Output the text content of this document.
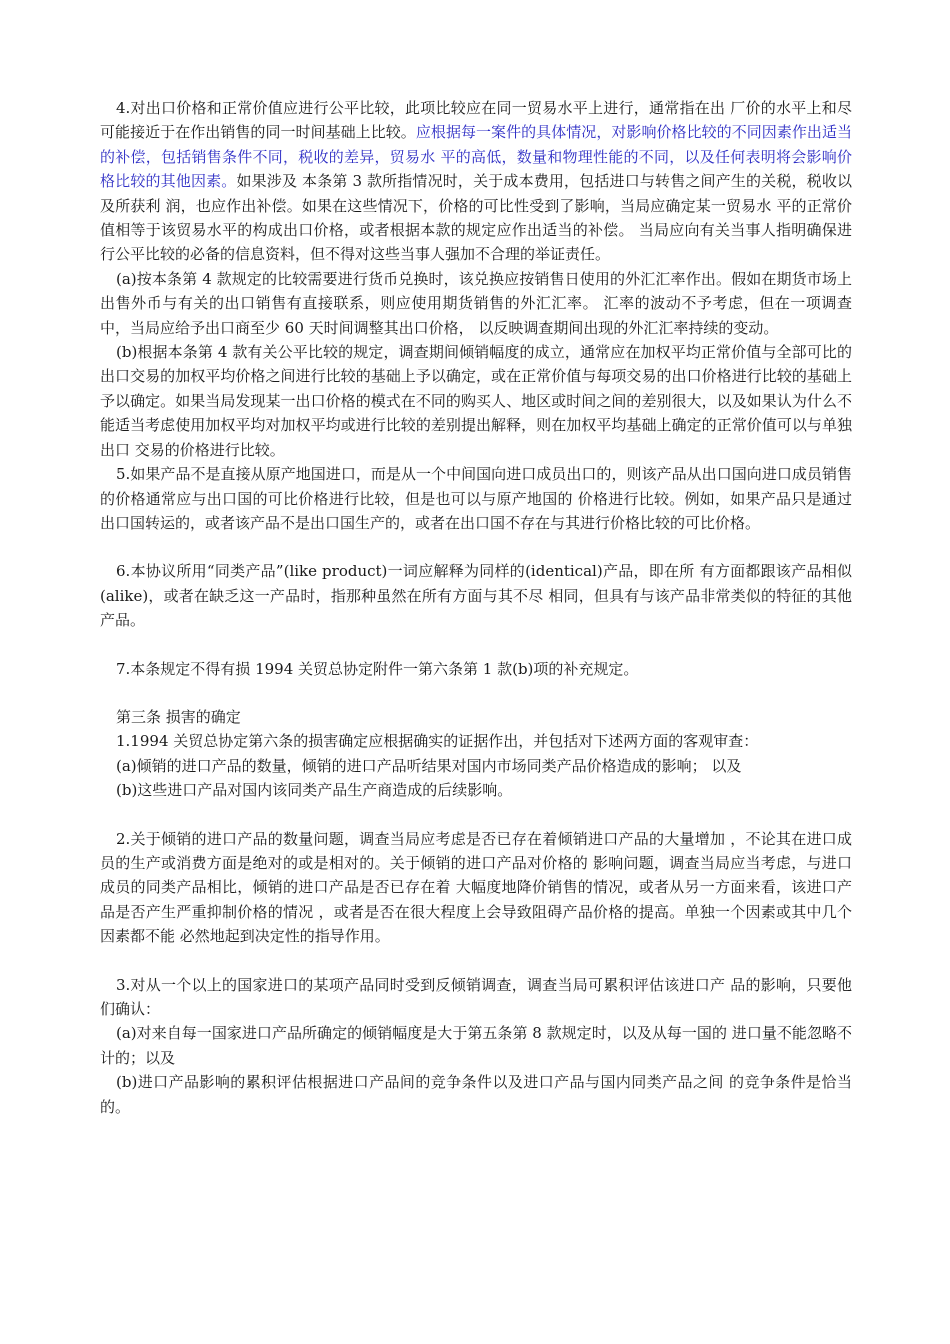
4.对出口价格和正常价值应进行公平比较，此项比较应在同一贸易水平上进行，通常指在出 厂价的水平上和尽可能接近于在作出销售的同一时间基础上比较。应根据每一案件的具体情况，对影响价格比较的不同因素作出适当的补偿，包括销售条件不同，税收的差异，贸易水 平的高低，数量和物理性能的不同，以及任何表明将会影响价格比较的其他因素。如果涉及 本条第 3 款所指情况时，关于成本费用，包括进口与转售之间产生的关税，税收以及所获利 润，也应作出补偿。如果在这些情况下，价格的可比性受到了影响，当局应确定某一贸易水 平的正常价值相等于该贸易水平的构成出口价格，或者根据本款的规定应作出适当的补偿。 当局应向有关当事人指明确保进行公平比较的必备的信息资料，但不得对这些当事人强加不合理的举证责任。

(a)按本条第 4 款规定的比较需要进行货币兑换时，该兑换应按销售日使用的外汇汇率作出。假如在期货市场上出售外币与有关的出口销售有直接联系，则应使用期货销售的外汇汇率。 汇率的波动不予考虑，但在一项调查中，当局应给予出口商至少 60 天时间调整其出口价格， 以反映调查期间出现的外汇汇率持续的变动。

(b)根据本条第 4 款有关公平比较的规定，调查期间倾销幅度的成立，通常应在加权平均正常价值与全部可比的出口交易的加权平均价格之间进行比较的基础上予以确定，或在正常价值与每项交易的出口价格进行比较的基础上予以确定。如果当局发现某一出口价格的模式在不同的购买人、地区或时间之间的差别很大，以及如果认为什么不能适当考虑使用加权平均对加权平均或进行比较的差别提出解释，则在加权平均基础上确定的正常价值可以与单独出口 交易的价格进行比较。

5.如果产品不是直接从原产地国进口，而是从一个中间国向进口成员出口的，则该产品从出口国向进口成员销售的价格通常应与出口国的可比价格进行比较，但是也可以与原产地国的 价格进行比较。例如，如果产品只是通过出口国转运的，或者该产品不是出口国生产的，或者在出口国不存在与其进行价格比较的可比价格。

6.本协议所用“同类产品”(like product)一词应解释为同样的(identical)产品，即在所 有方面都跟该产品相似(alike)，或者在缺乏这一产品时，指那种虽然在所有方面与其不尽 相同，但具有与该产品非常类似的特征的其他产品。

7.本条规定不得有损 1994 关贸总协定附件一第六条第 1 款(b)项的补充规定。

第三条 损害的确定

1.1994 关贸总协定第六条的损害确定应根据确实的证据作出，并包括对下述两方面的客观审查：

(a)倾销的进口产品的数量，倾销的进口产品听结果对国内市场同类产品价格造成的影响； 以及

(b)这些进口产品对国内该同类产品生产商造成的后续影响。

2.关于倾销的进口产品的数量问题，调查当局应考虑是否已存在着倾销进口产品的大量增加 ，不论其在进口成员的生产或消费方面是绝对的或是相对的。关于倾销的进口产品对价格的 影响问题，调查当局应当考虑，与进口成员的同类产品相比，倾销的进口产品是否已存在着 大幅度地降价销售的情况，或者从另一方面来看，该进口产品是否产生严重抑制价格的情况 ，或者是否在很大程度上会导致阻碍产品价格的提高。单独一个因素或其中几个因素都不能 必然地起到决定性的指导作用。

3.对从一个以上的国家进口的某项产品同时受到反倾销调查，调查当局可累积评估该进口产 品的影响，只要他们确认：

(a)对来自每一国家进口产品所确定的倾销幅度是大于第五条第 8 款规定时，以及从每一国的 进口量不能忽略不计的；以及

(b)进口产品影响的累积评估根据进口产品间的竞争条件以及进口产品与国内同类产品之间 的竞争条件是恰当的。
